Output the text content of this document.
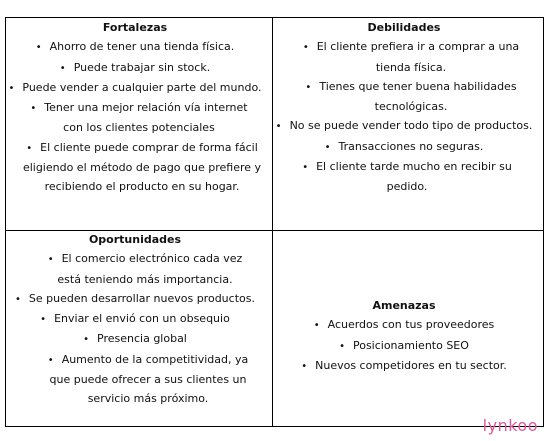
Fortalezas
• Ahorro de tener una tienda física.
• Puede trabajar sin stock.
• Puede vender a cualquier parte del mundo.
• Tener una mejor relación vía internet con los clientes potenciales
• El cliente puede comprar de forma fácil eligiendo el método de pago que prefiere y recibiendo el producto en su hogar.
Debilidades
• El cliente prefiera ir a comprar a una tienda física.
• Tienes que tener buena habilidades tecnológicas.
• No se puede vender todo tipo de productos.
• Transacciones no seguras.
• El cliente tarde mucho en recibir su pedido.
Oportunidades
• El comercio electrónico cada vez está teniendo más importancia.
• Se pueden desarrollar nuevos productos.
• Enviar el envió con un obsequio
• Presencia global
• Aumento de la competitividad, ya que puede ofrecer a sus clientes un servicio más próximo.
Amenazas
• Acuerdos con tus proveedores
• Posicionamiento SEO
• Nuevos competidores en tu sector.
lynkoo
